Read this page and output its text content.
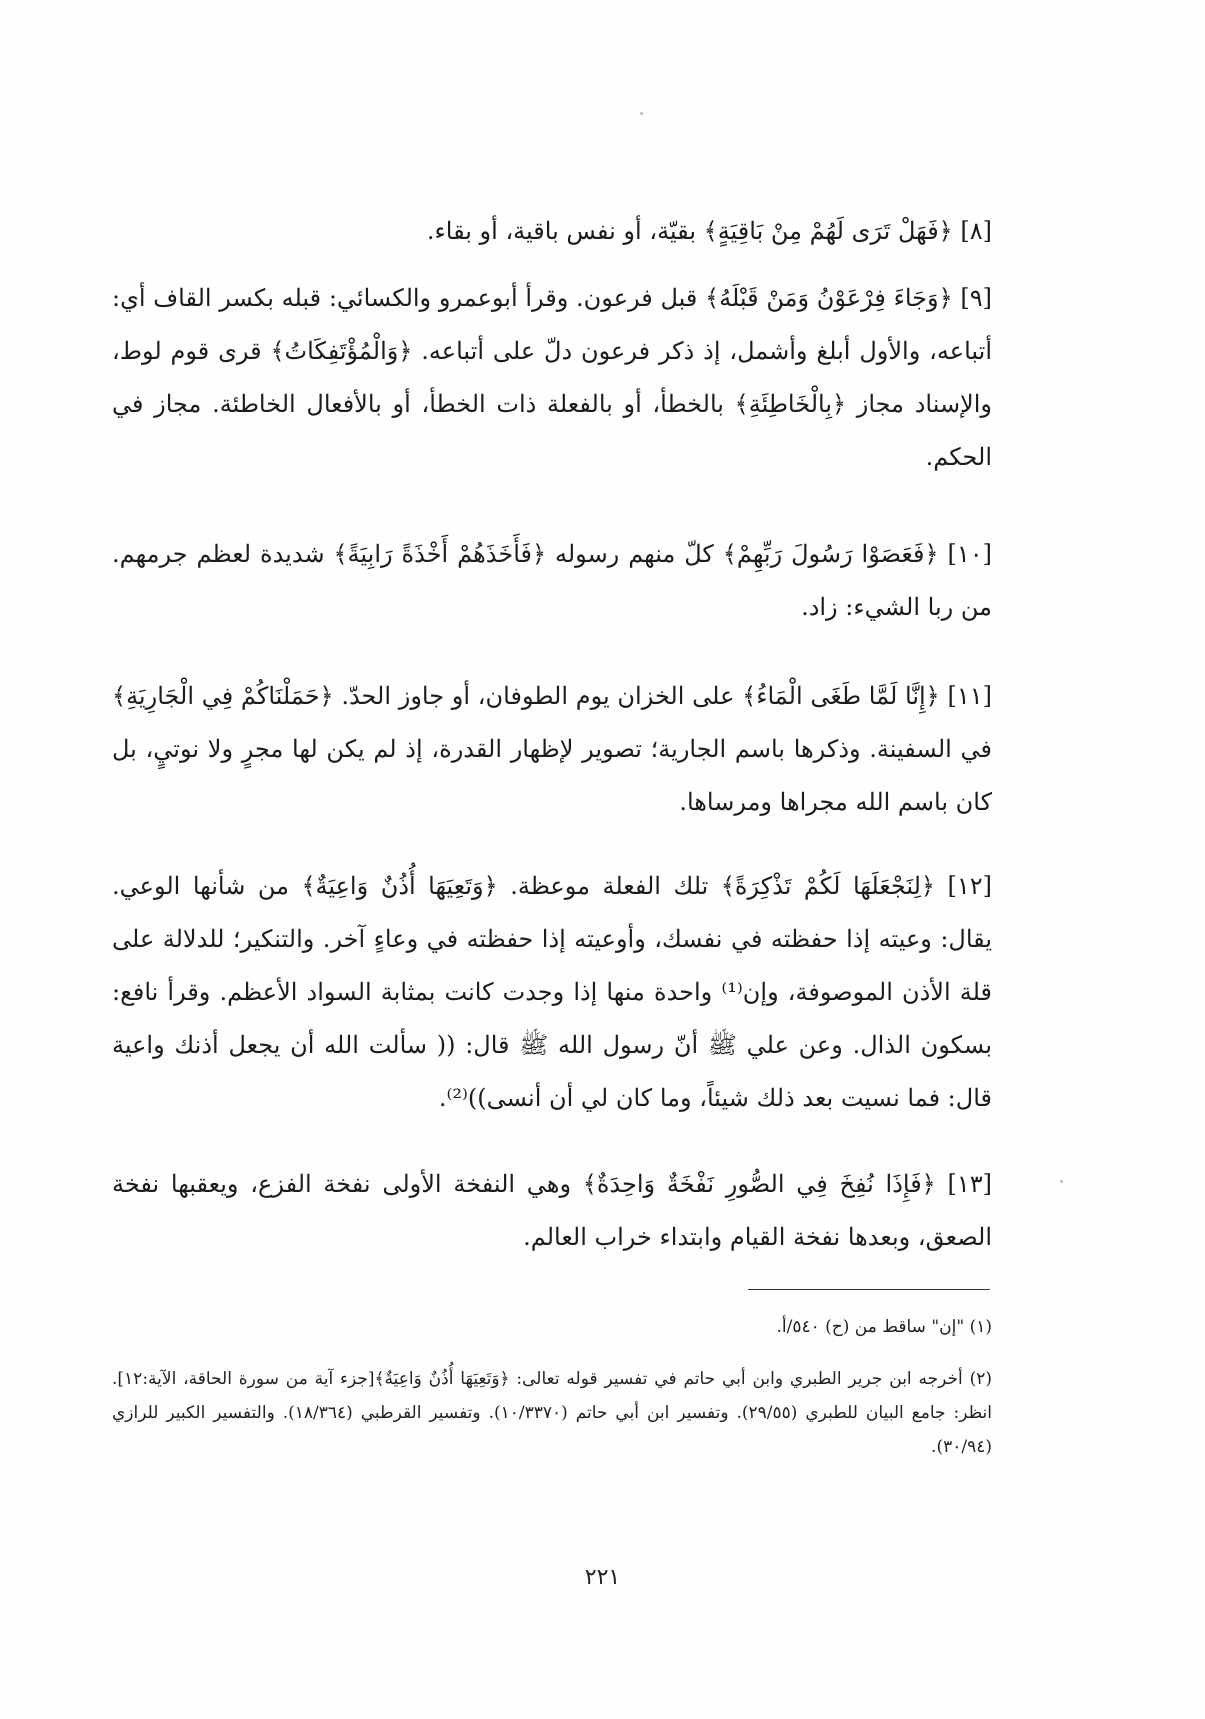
[٨] ﴿فَهَلْ تَرَى لَهُمْ مِنْ بَاقِيَةٍ﴾ بقيّة، أو نفس باقية، أو بقاء.

[٩] ﴿وَجَاءَ فِرْعَوْنُ وَمَنْ قَبْلَهُ﴾ قبل فرعون. وقرأ أبوعمرو والكسائي: قبله بكسر القاف أي: أتباعه، والأول أبلغ وأشمل، إذ ذكر فرعون دلّ على أتباعه. ﴿وَالْمُؤْتَفِكَاتُ﴾ قرى قوم لوط، والإسناد مجاز ﴿بِالْخَاطِئَةِ﴾ بالخطأ، أو بالفعلة ذات الخطأ، أو بالأفعال الخاطئة. مجاز في الحكم.

[١٠] ﴿فَعَصَوْا رَسُولَ رَبِّهِمْ﴾ كلّ منهم رسوله ﴿فَأَخَذَهُمْ أَخْذَةً رَابِيَةً﴾ شديدة لعظم جرمهم. من ربا الشيء: زاد.

[١١] ﴿إِنَّا لَمَّا طَغَى الْمَاءُ﴾ على الخزان يوم الطوفان، أو جاوز الحدّ. ﴿حَمَلْنَاكُمْ فِي الْجَارِيَةِ﴾ في السفينة. وذكرها باسم الجارية؛ تصوير لإظهار القدرة، إذ لم يكن لها مجرٍ ولا نوتيٍ، بل كان باسم الله مجراها ومرساها.

[١٢] ﴿لِنَجْعَلَهَا لَكُمْ تَذْكِرَةً﴾ تلك الفعلة موعظة. ﴿وَتَعِيَهَا أُذُنٌ وَاعِيَةٌ﴾ من شأنها الوعي. يقال: وعيته إذا حفظته في نفسك، وأوعيته إذا حفظته في وعاءٍ آخر. والتنكير؛ للدلالة على قلة الأذن الموصوفة، وإن⁽¹⁾ واحدة منها إذا وجدت كانت بمثابة السواد الأعظم. وقرأ نافع: بسكون الذال. وعن علي ﷺ أنّ رسول الله ﷺ قال: (( سألت الله أن يجعل أذنك واعية قال: فما نسيت بعد ذلك شيئاً، وما كان لي أن أنسى))⁽²⁾.

[١٣] ﴿فَإِذَا نُفِخَ فِي الصُّورِ نَفْخَةٌ وَاحِدَةٌ﴾ وهي النفخة الأولى نفخة الفزع، ويعقبها نفخة الصعق، وبعدها نفخة القيام وابتداء خراب العالم.

(١) "إن" ساقط من (ح) ٥٤٠/أ.

(٢) أخرجه ابن جرير الطبري وابن أبي حاتم في تفسير قوله تعالى: ﴿وَتَعِيَهَا أُذُنٌ وَاعِيَةٌ﴾[جزء آية من سورة الحاقة، الآية:١٢]. انظر: جامع البيان للطبري (٢٩/٥٥). وتفسير ابن أبي حاتم (١٠/٣٣٧٠). وتفسير القرطبي (١٨/٣٦٤). والتفسير الكبير للرازي (٣٠/٩٤).

٢٢١
